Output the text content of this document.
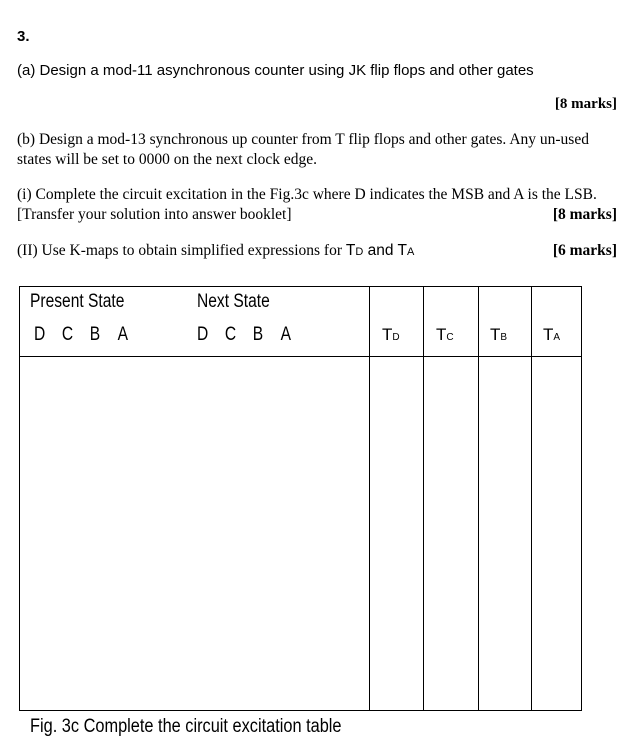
3.
(a) Design a mod-11 asynchronous counter using JK flip flops and other gates
[8 marks]
(b) Design a mod-13 synchronous up counter from T flip flops and other gates. Any un-used
states will be set to 0000 on the next clock edge.
(i) Complete the circuit excitation in the Fig.3c where D indicates the MSB and A is the LSB.
[Transfer your solution into answer booklet]	[8 marks]
(II) Use K-maps to obtain simplified expressions for TD and TA	[6 marks]
Present State	Next State
D C B A	D C B A	TD TC TB TA
Fig. 3c Complete the circuit excitation table
